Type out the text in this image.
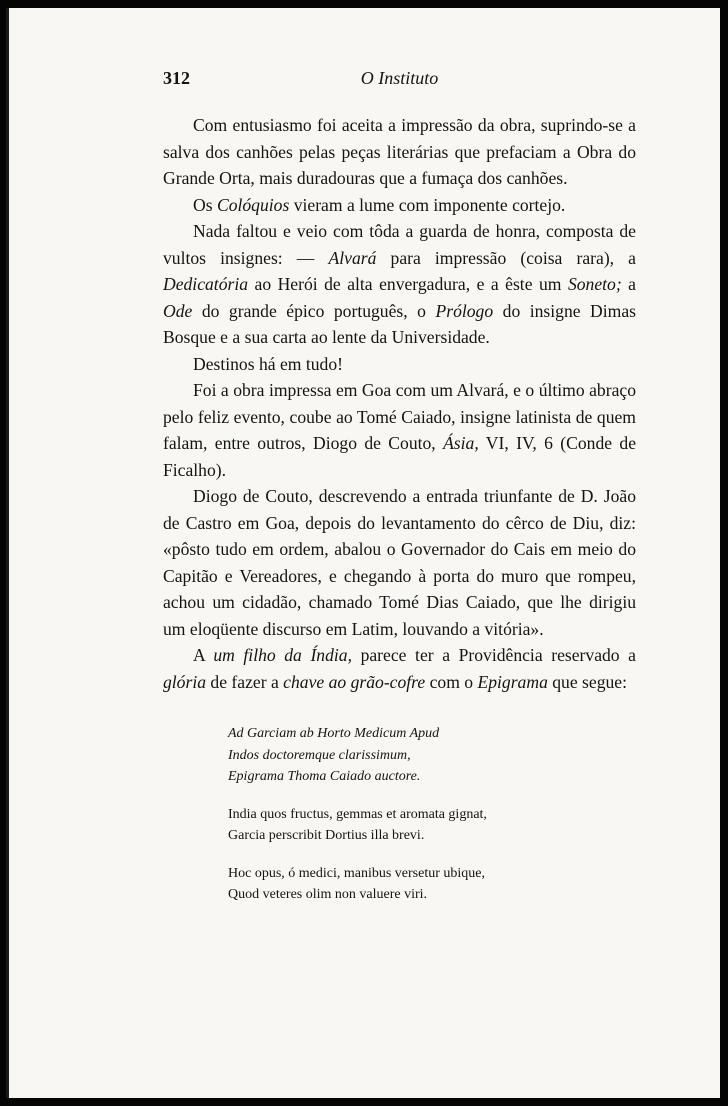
312	O Instituto

Com entusiasmo foi aceita a impressão da obra, suprindo-se a salva dos canhões pelas peças literárias que prefaciam a Obra do Grande Orta, mais duradouras que a fumaça dos canhões.

Os Colóquios vieram a lume com imponente cortejo.

Nada faltou e veio com tôda a guarda de honra, composta de vultos insignes: — Alvará para impressão (coisa rara), a Dedicatória ao Herói de alta envergadura, e a êste um Soneto; a Ode do grande épico português, o Prólogo do insigne Dimas Bosque e a sua carta ao lente da Universidade.

Destinos há em tudo!

Foi a obra impressa em Goa com um Alvará, e o último abraço pelo feliz evento, coube ao Tomé Caiado, insigne latinista de quem falam, entre outros, Diogo de Couto, Ásia, VI, IV, 6 (Conde de Ficalho).

Diogo de Couto, descrevendo a entrada triunfante de D. João de Castro em Goa, depois do levantamento do cêrco de Diu, diz: «pôsto tudo em ordem, abalou o Governador do Cais em meio do Capitão e Vereadores, e chegando à porta do muro que rompeu, achou um cidadão, chamado Tomé Dias Caiado, que lhe dirigiu um eloqüente discurso em Latim, louvando a vitória».

A um filho da Índia, parece ter a Providência reservado a glória de fazer a chave ao grão-cofre com o Epigrama que segue:

Ad Garciam ab Horto Medicum Apud
Indos doctoremque clarissimum,
Epigrama Thoma Caiado auctore.
India quos fructus, gemmas et aromata gignat,
Garcia perscribit Dortius illa brevi.
Hoc opus, ó medici, manibus versetur ubique,
Quod veteres olim non valuere viri.
